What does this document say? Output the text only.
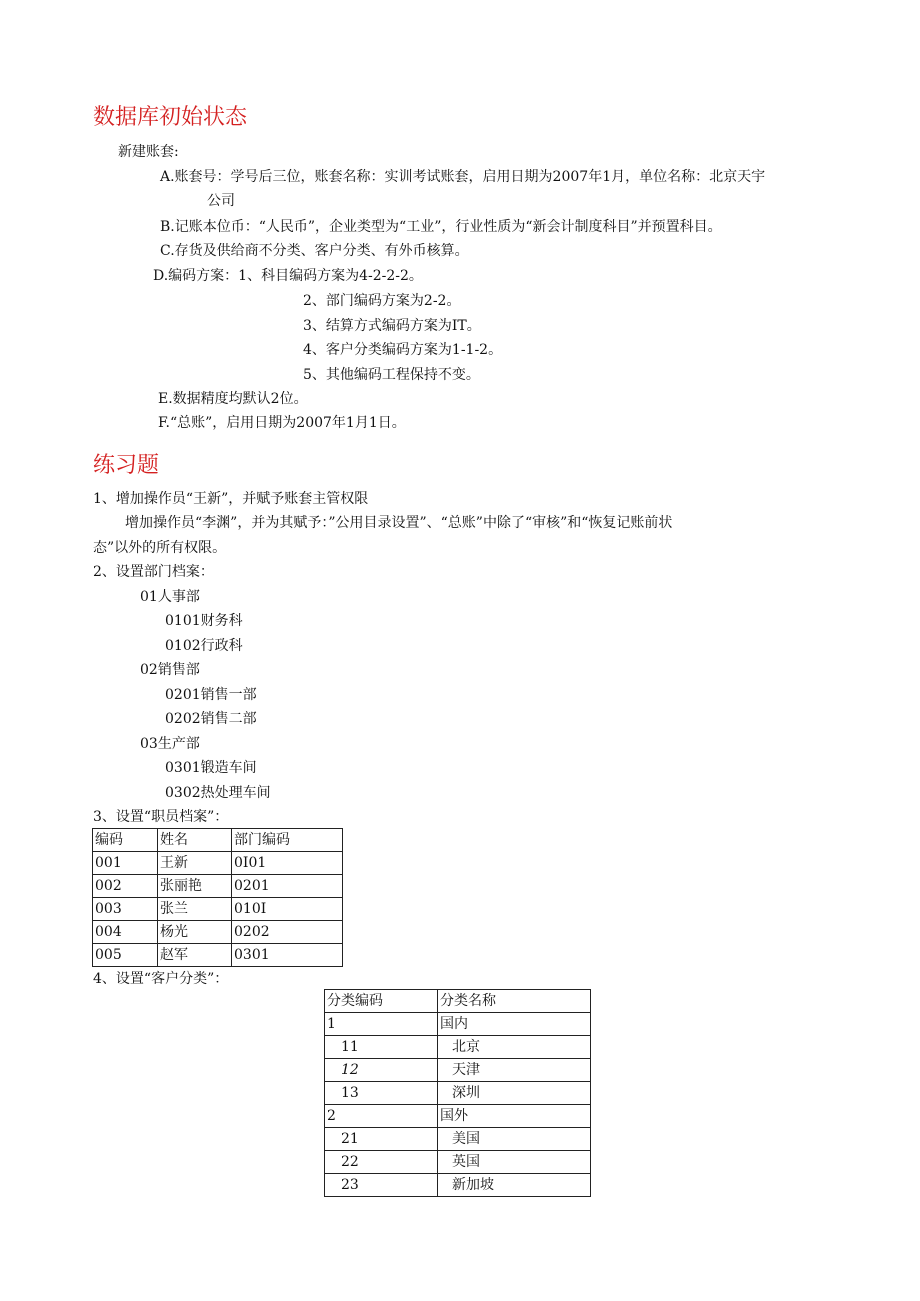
数据库初始状态
新建账套:
A.账套号：学号后三位，账套名称：实训考试账套，启用日期为2007年1月，单位名称：北京天宇
公司
B.记账本位币：“人民币”，企业类型为“工业”，行业性质为“新会计制度科目”并预置科目。
C.存货及供给商不分类、客户分类、有外币核算。
D.编码方案：1、科目编码方案为4-2-2-2。
2、部门编码方案为2-2。
3、结算方式编码方案为IT。
4、客户分类编码方案为1-1-2。
5、其他编码工程保持不变。
E.数据精度均默认2位。
F.“总账”，启用日期为2007年1月1日。
练习题
1、增加操作员“王新”，并赋予账套主管权限
增加操作员“李渊”，并为其赋予：”公用目录设置”、“总账”中除了“审核”和“恢复记账前状
态”以外的所有权限。
2、设置部门档案：
01人事部
0101财务科
0102行政科
02销售部
0201销售一部
0202销售二部
03生产部
0301锻造车间
0302热处理车间
3、设置“职员档案”：
编码	姓名	部门编码
001	王新	0I01
002	张丽艳	0201
003	张兰	010I
004	杨光	0202
005	赵军	0301
4、设置“客户分类”：
分类编码	分类名称
1	国内
11	北京
12	天津
13	深圳
2	国外
21	美国
22	英国
23	新加坡
